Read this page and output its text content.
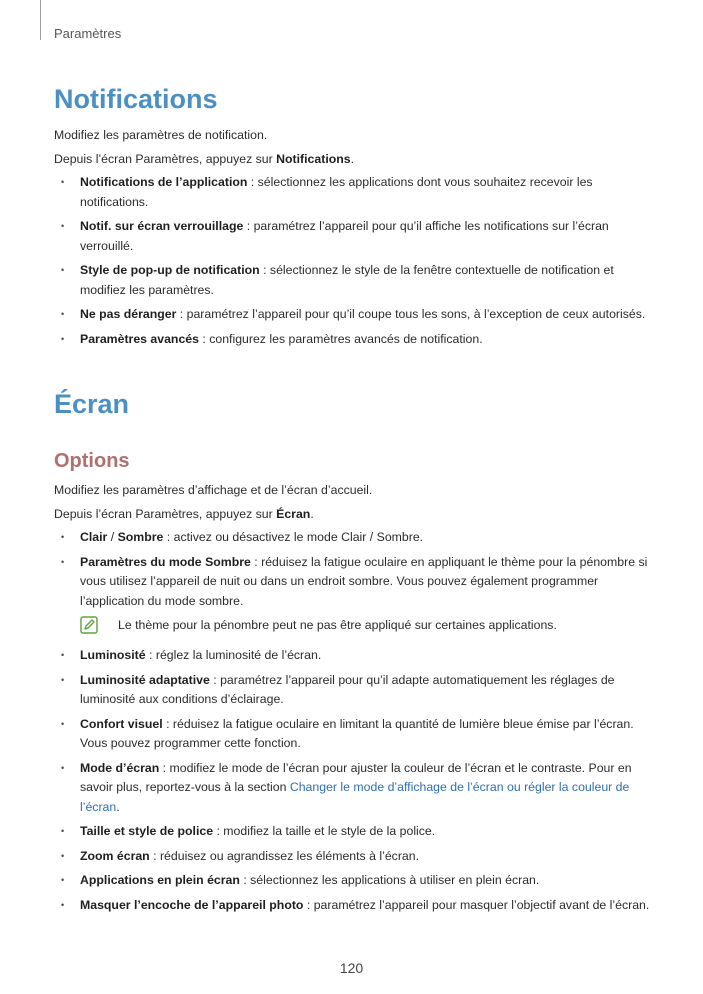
Paramètres
Notifications

Modifiez les paramètres de notification.

Depuis l’écran Paramètres, appuyez sur Notifications.

• Notifications de l’application : sélectionnez les applications dont vous souhaitez recevoir les notifications.
• Notif. sur écran verrouillage : paramétrez l’appareil pour qu’il affiche les notifications sur l’écran verrouillé.
• Style de pop-up de notification : sélectionnez le style de la fenêtre contextuelle de notification et modifiez les paramètres.
• Ne pas déranger : paramétrez l’appareil pour qu’il coupe tous les sons, à l’exception de ceux autorisés.
• Paramètres avancés : configurez les paramètres avancés de notification.
Écran
Options

Modifiez les paramètres d’affichage et de l’écran d’accueil.

Depuis l’écran Paramètres, appuyez sur Écran.

• Clair / Sombre : activez ou désactivez le mode Clair / Sombre.
• Paramètres du mode Sombre : réduisez la fatigue oculaire en appliquant le thème pour la pénombre si vous utilisez l’appareil de nuit ou dans un endroit sombre. Vous pouvez également programmer l’application du mode sombre.
Le thème pour la pénombre peut ne pas être appliqué sur certaines applications.
• Luminosité : réglez la luminosité de l’écran.
• Luminosité adaptative : paramétrez l’appareil pour qu’il adapte automatiquement les réglages de luminosité aux conditions d’éclairage.
• Confort visuel : réduisez la fatigue oculaire en limitant la quantité de lumière bleue émise par l’écran. Vous pouvez programmer cette fonction.
• Mode d’écran : modifiez le mode de l’écran pour ajuster la couleur de l’écran et le contraste. Pour en savoir plus, reportez-vous à la section Changer le mode d’affichage de l’écran ou régler la couleur de l’écran.
• Taille et style de police : modifiez la taille et le style de la police.
• Zoom écran : réduisez ou agrandissez les éléments à l’écran.
• Applications en plein écran : sélectionnez les applications à utiliser en plein écran.
• Masquer l’encoche de l’appareil photo : paramétrez l’appareil pour masquer l’objectif avant de l’écran.
120
